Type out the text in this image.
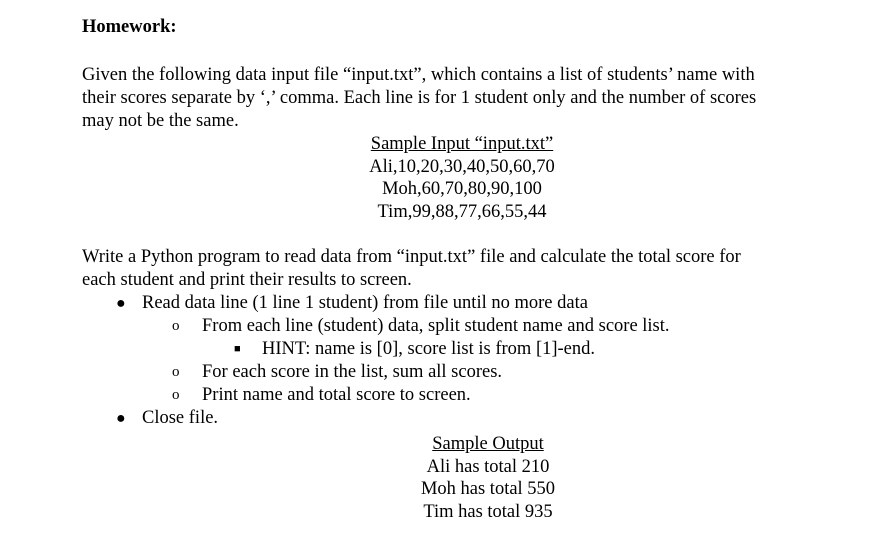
Homework:

Given the following data input file “input.txt”, which contains a list of students’ name with
their scores separate by ‘,’ comma. Each line is for 1 student only and the number of scores
may not be the same.
Sample Input “input.txt”
Ali,10,20,30,40,50,60,70
Moh,60,70,80,90,100
Tim,99,88,77,66,55,44
Write a Python program to read data from “input.txt” file and calculate the total score for
each student and print their results to screen.
● Read data line (1 line 1 student) from file until no more data
o From each line (student) data, split student name and score list.
■ HINT: name is [0], score list is from [1]-end.
o For each score in the list, sum all scores.
o Print name and total score to screen.
● Close file.
Sample Output
Ali has total 210
Moh has total 550
Tim has total 935
